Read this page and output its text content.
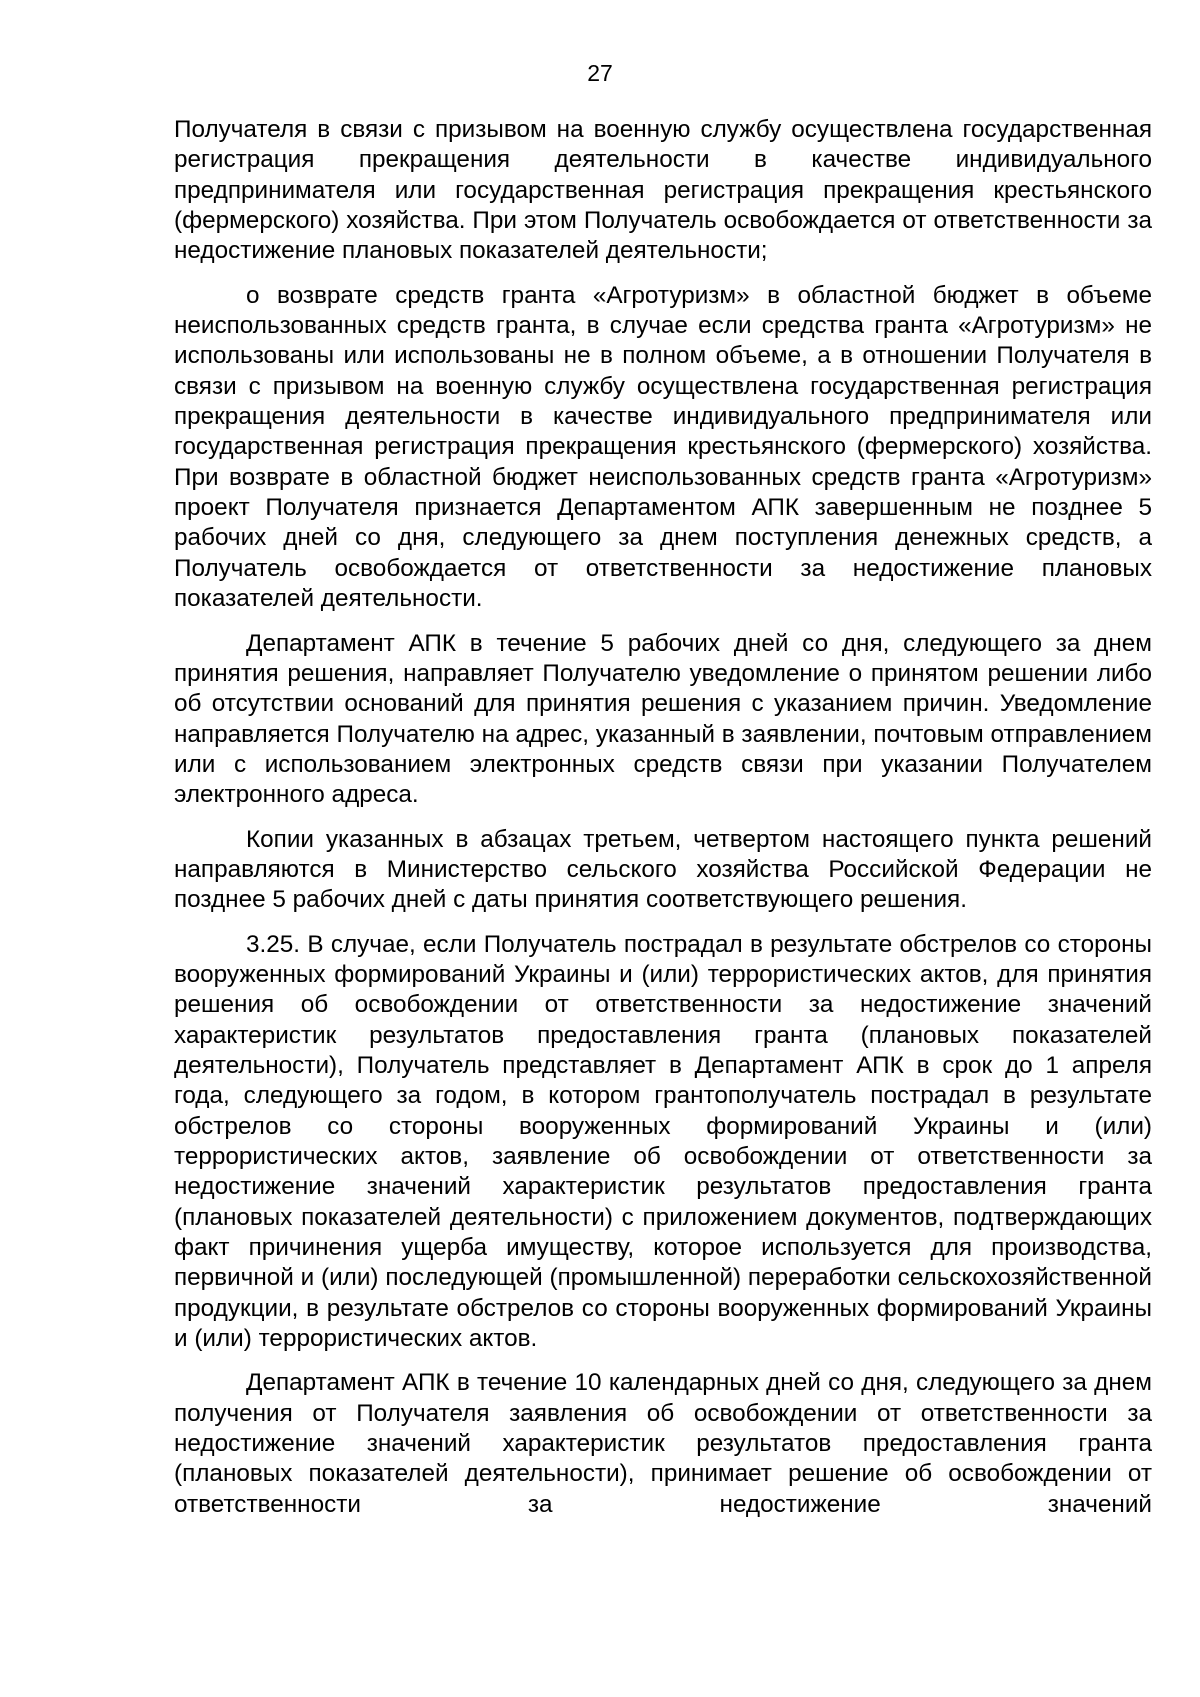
27

Получателя в связи с призывом на военную службу осуществлена государственная регистрация прекращения деятельности в качестве индивидуального предпринимателя или государственная регистрация прекращения крестьянского (фермерского) хозяйства. При этом Получатель освобождается от ответственности за недостижение плановых показателей деятельности;

о возврате средств гранта «Агротуризм» в областной бюджет в объеме неиспользованных средств гранта, в случае если средства гранта «Агротуризм» не использованы или использованы не в полном объеме, а в отношении Получателя в связи с призывом на военную службу осуществлена государственная регистрация прекращения деятельности в качестве индивидуального предпринимателя или государственная регистрация прекращения крестьянского (фермерского) хозяйства. При возврате в областной бюджет неиспользованных средств гранта «Агротуризм» проект Получателя признается Департаментом АПК завершенным не позднее 5 рабочих дней со дня, следующего за днем поступления денежных средств, а Получатель освобождается от ответственности за недостижение плановых показателей деятельности.

Департамент АПК в течение 5 рабочих дней со дня, следующего за днем принятия решения, направляет Получателю уведомление о принятом решении либо об отсутствии оснований для принятия решения с указанием причин. Уведомление направляется Получателю на адрес, указанный в заявлении, почтовым отправлением или с использованием электронных средств связи при указании Получателем электронного адреса.

Копии указанных в абзацах третьем, четвертом настоящего пункта решений направляются в Министерство сельского хозяйства Российской Федерации не позднее 5 рабочих дней с даты принятия соответствующего решения.

3.25. В случае, если Получатель пострадал в результате обстрелов со стороны вооруженных формирований Украины и (или) террористических актов, для принятия решения об освобождении от ответственности за недостижение значений характеристик результатов предоставления гранта (плановых показателей деятельности), Получатель представляет в Департамент АПК в срок до 1 апреля года, следующего за годом, в котором грантополучатель пострадал в результате обстрелов со стороны вооруженных формирований Украины и (или) террористических актов, заявление об освобождении от ответственности за недостижение значений характеристик результатов предоставления гранта (плановых показателей деятельности) с приложением документов, подтверждающих факт причинения ущерба имуществу, которое используется для производства, первичной и (или) последующей (промышленной) переработки сельскохозяйственной продукции, в результате обстрелов со стороны вооруженных формирований Украины и (или) террористических актов.

Департамент АПК в течение 10 календарных дней со дня, следующего за днем получения от Получателя заявления об освобождении от ответственности за недостижение значений характеристик результатов предоставления гранта (плановых показателей деятельности), принимает решение об освобождении от ответственности за недостижение значений
